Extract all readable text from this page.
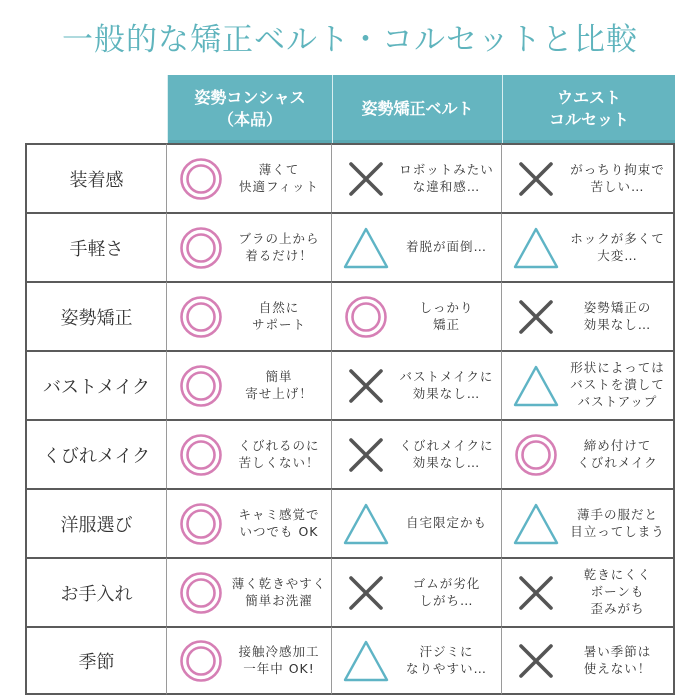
一般的な矯正ベルト・コルセットと比較
姿勢コンシャス
（本品）
姿勢矯正ベルト
ウエスト
コルセット
装着感
薄くて
快適フィット
ロボットみたい
な違和感…
がっちり拘束で
苦しい…
手軽さ
ブラの上から
着るだけ！
着脱が面倒…
ホックが多くて
大変…
姿勢矯正
自然に
サポート
しっかり
矯正
姿勢矯正の
効果なし…
バストメイク
簡単
寄せ上げ！
バストメイクに
効果なし…
形状によっては
バストを潰して
バストアップ
くびれメイク
くびれるのに
苦しくない！
くびれメイクに
効果なし…
締め付けて
くびれメイク
洋服選び
キャミ感覚で
いつでも OK
自宅限定かも
薄手の服だと
目立ってしまう
お手入れ
薄く乾きやすく
簡単お洗濯
ゴムが劣化
しがち…
乾きにくく
ボーンも
歪みがち
季節
接触冷感加工
一年中 OK!
汗ジミに
なりやすい…
暑い季節は
使えない！
